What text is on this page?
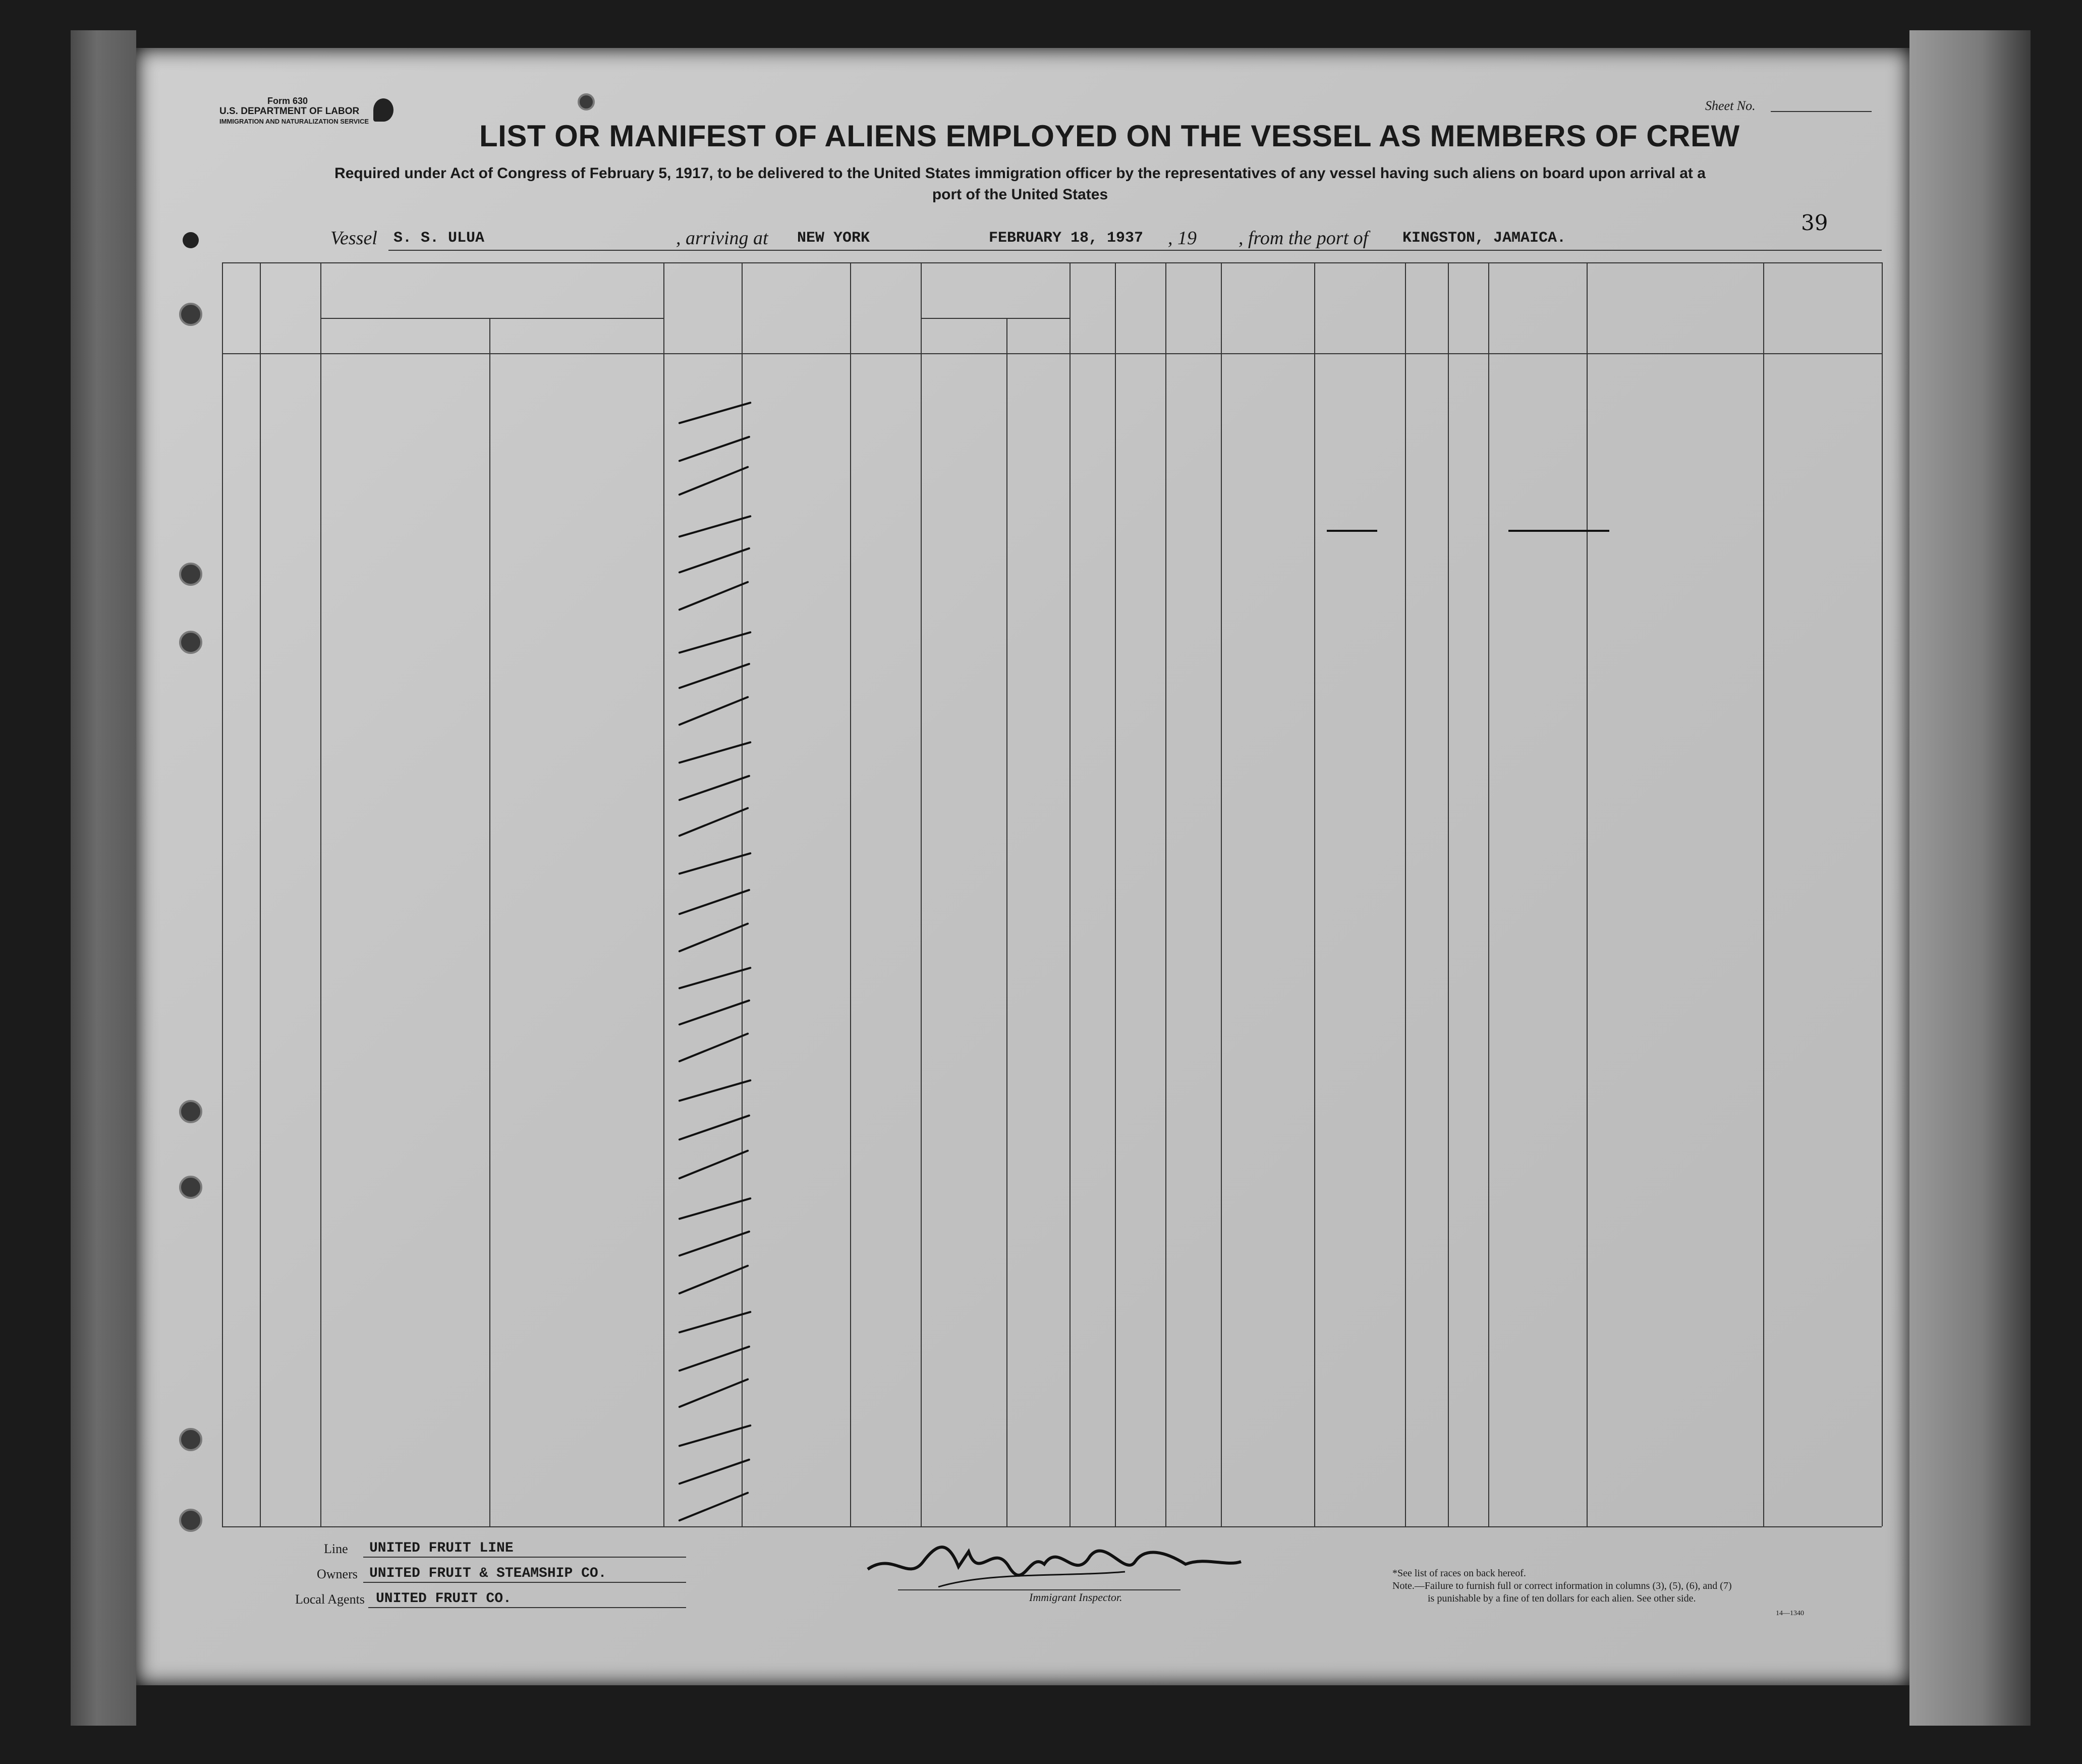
Form 630
U.S. DEPARTMENT OF LABOR
IMMIGRATION AND NATURALIZATION SERVICE
Sheet No.
LIST OR MANIFEST OF ALIENS EMPLOYED ON THE VESSEL AS MEMBERS OF CREW
Required under Act of Congress of February 5, 1917, to be delivered to the United States immigration officer by the representatives of any vessel having such aliens on board upon arrival at a
port of the United States
39
Vessel S. S. ULUA	, arriving at NEW YORK	FEBRUARY 18, 1937 , 19 , from the port of KINGSTON, JAMAICA.
Line UNITED FRUIT LINE
Owners UNITED FRUIT & STEAMSHIP CO.
Local Agents UNITED FRUIT CO.	Immigrant Inspector.
*See list of races on back hereof.
Note.—Failure to furnish full or correct information in columns (3), (5), (6), and (7)
is punishable by a fine of ten dollars for each alien. See other side.
14—1340
